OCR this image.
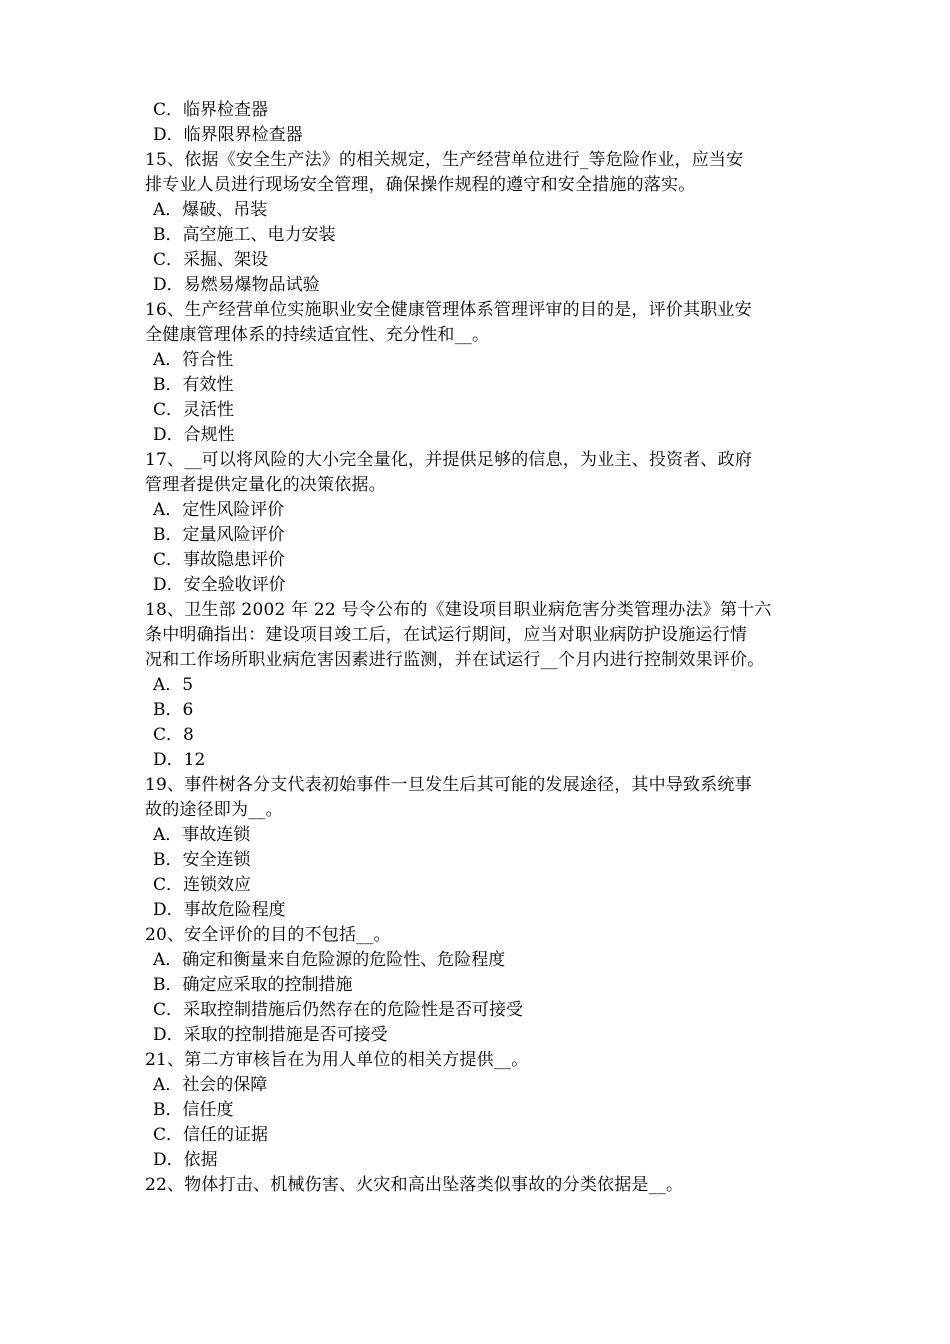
C．临界检查器
D．临界限界检查器
15、依据《安全生产法》的相关规定，生产经营单位进行_等危险作业，应当安
排专业人员进行现场安全管理，确保操作规程的遵守和安全措施的落实。
A．爆破、吊装
B．高空施工、电力安装
C．采掘、架设
D．易燃易爆物品试验
16、生产经营单位实施职业安全健康管理体系管理评审的目的是，评价其职业安
全健康管理体系的持续适宜性、充分性和__。
A．符合性
B．有效性
C．灵活性
D．合规性
17、__可以将风险的大小完全量化，并提供足够的信息，为业主、投资者、政府
管理者提供定量化的决策依据。
A．定性风险评价
B．定量风险评价
C．事故隐患评价
D．安全验收评价
18、卫生部 2002 年 22 号令公布的《建设项目职业病危害分类管理办法》第十六
条中明确指出：建设项目竣工后，在试运行期间，应当对职业病防护设施运行情
况和工作场所职业病危害因素进行监测，并在试运行__个月内进行控制效果评价。
A．5
B．6
C．8
D．12
19、事件树各分支代表初始事件一旦发生后其可能的发展途径，其中导致系统事
故的途径即为__。
A．事故连锁
B．安全连锁
C．连锁效应
D．事故危险程度
20、安全评价的目的不包括__。
A．确定和衡量来自危险源的危险性、危险程度
B．确定应采取的控制措施
C．采取控制措施后仍然存在的危险性是否可接受
D．采取的控制措施是否可接受
21、第二方审核旨在为用人单位的相关方提供__。
A．社会的保障
B．信任度
C．信任的证据
D．依据
22、物体打击、机械伤害、火灾和高出坠落类似事故的分类依据是__。
